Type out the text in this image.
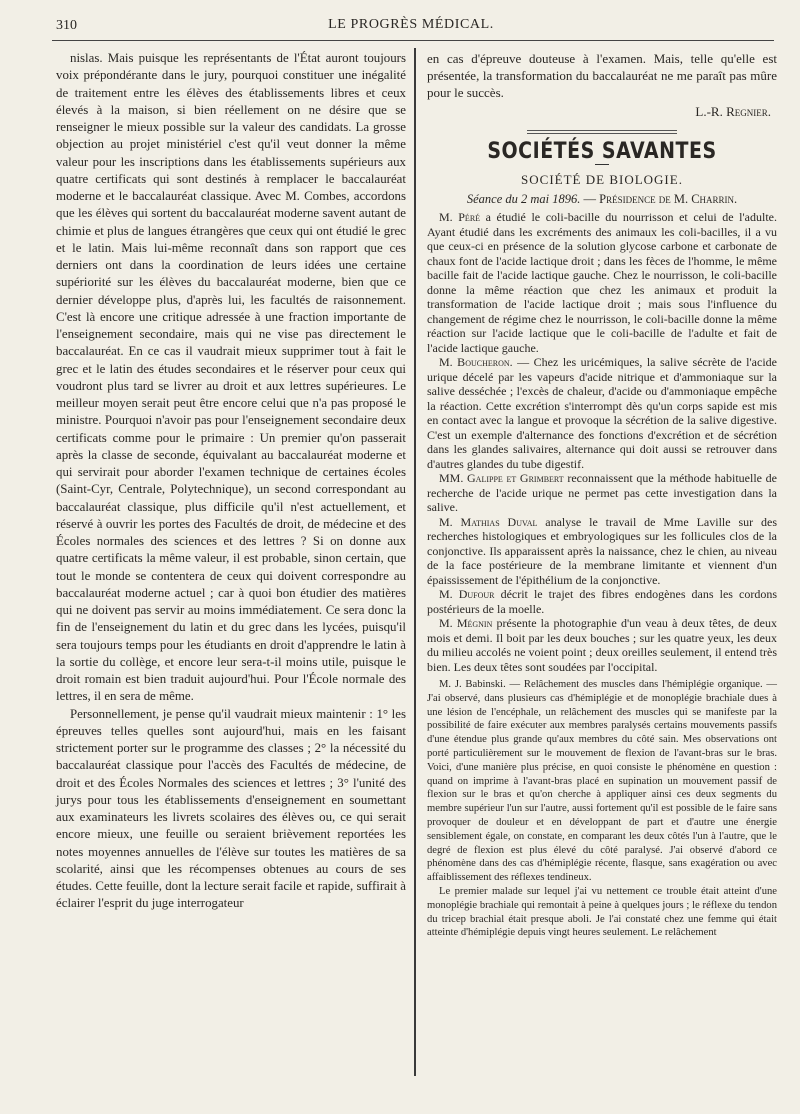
310	LE PROGRÈS MÉDICAL.

nislas. Mais puisque les représentants de l'État auront toujours voix prépondérante dans le jury, pourquoi constituer une inégalité de traitement entre les élèves des établissements libres et ceux élevés à la maison, si bien réellement on ne désire que se renseigner le mieux possible sur la valeur des candidats. La grosse objection au projet ministériel c'est qu'il veut donner la même valeur pour les inscriptions dans les établissements supérieurs aux quatre certificats qui sont destinés à remplacer le baccalauréat moderne et le baccalauréat classique. Avec M. Combes, accordons que les élèves qui sortent du baccalauréat moderne savent autant de chimie et plus de langues étrangères que ceux qui ont étudié le grec et le latin. Mais lui-même reconnaît dans son rapport que ces derniers ont dans la coordination de leurs idées une certaine supériorité sur les élèves du baccalauréat moderne, bien que ce dernier développe plus, d'après lui, les facultés de raisonnement. C'est là encore une critique adressée à une fraction importante de l'enseignement secondaire, mais qui ne vise pas directement le baccalauréat. En ce cas il vaudrait mieux supprimer tout à fait le grec et le latin des études secondaires et le réserver pour ceux qui voudront plus tard se livrer au droit et aux lettres supérieures. Le meilleur moyen serait peut être encore celui que n'a pas proposé le ministre. Pourquoi n'avoir pas pour l'enseignement secondaire deux certificats comme pour le primaire : Un premier qu'on passerait après la classe de seconde, équivalant au baccalauréat moderne et qui servirait pour aborder l'examen technique de certaines écoles (Saint-Cyr, Centrale, Polytechnique), un second correspondant au baccalauréat classique, plus difficile qu'il n'est actuellement, et réservé à ouvrir les portes des Facultés de droit, de médecine et des Écoles normales des sciences et des lettres ? Si on donne aux quatre certificats la même valeur, il est probable, sinon certain, que tout le monde se contentera de ceux qui doivent correspondre au baccalauréat moderne actuel ; car à quoi bon étudier des matières qui ne doivent pas servir au moins immédiatement. Ce sera donc la fin de l'enseignement du latin et du grec dans les lycées, puisqu'il sera toujours temps pour les étudiants en droit d'apprendre le latin à la sortie du collège, et encore leur sera-t-il moins utile, puisque le droit romain est bien traduit aujourd'hui. Pour l'École normale des lettres, il en sera de même.

Personnellement, je pense qu'il vaudrait mieux maintenir : 1° les épreuves telles quelles sont aujourd'hui, mais en les faisant strictement porter sur le programme des classes ; 2° la nécessité du baccalauréat classique pour l'accès des Facultés de médecine, de droit et des Écoles Normales des sciences et lettres ; 3° l'unité des jurys pour tous les établissements d'enseignement en soumettant aux examinateurs les livrets scolaires des élèves ou, ce qui serait encore mieux, une feuille ou seraient brièvement reportées les notes moyennes annuelles de l'élève sur toutes les matières de sa scolarité, ainsi que les récompenses obtenues au cours de ses études. Cette feuille, dont la lecture serait facile et rapide, suffirait à éclairer l'esprit du juge interrogateur

en cas d'épreuve douteuse à l'examen. Mais, telle qu'elle est présentée, la transformation du baccalauréat ne me paraît pas mûre pour le succès.
L.-R. Regnier.
SOCIÉTÉS SAVANTES
SOCIÉTÉ DE BIOLOGIE.
Séance du 2 mai 1896. — Présidence de M. Charrin.

M. Péré a étudié le coli-bacille du nourrisson et celui de l'adulte. Ayant étudié dans les excréments des animaux les coli-bacilles, il a vu que ceux-ci en présence de la solution glycose carbone et carbonate de chaux font de l'acide lactique droit ; dans les fèces de l'homme, le même bacille fait de l'acide lactique gauche. Chez le nourrisson, le coli-bacille donne la même réaction que chez les animaux et produit la transformation de l'acide lactique droit ; mais sous l'influence du changement de régime chez le nourrisson, le coli-bacille donne la même réaction sur l'acide lactique que le coli-bacille de l'adulte et fait de l'acide lactique gauche.

M. Boucheron. — Chez les uricémiques, la salive sécrète de l'acide urique décelé par les vapeurs d'acide nitrique et d'ammoniaque sur la salive desséchée ; l'excès de chaleur, d'acide ou d'ammoniaque empêche la réaction. Cette excrétion s'interrompt dès qu'un corps sapide est mis en contact avec la langue et provoque la sécrétion de la salive digestive. C'est un exemple d'alternance des fonctions d'excrétion et de sécrétion dans les glandes salivaires, alternance qui doit aussi se retrouver dans d'autres glandes du tube digestif.

MM. Galippe et Grimbert reconnaissent que la méthode habituelle de recherche de l'acide urique ne permet pas cette investigation dans la salive.

M. Mathias Duval analyse le travail de Mme Laville sur des recherches histologiques et embryologiques sur les follicules clos de la conjonctive. Ils apparaissent après la naissance, chez le chien, au niveau de la face postérieure de la membrane limitante et viennent d'un épaississement de l'épithélium de la conjonctive.

M. Dufour décrit le trajet des fibres endogènes dans les cordons postérieurs de la moelle.

M. Mégnin présente la photographie d'un veau à deux têtes, de deux mois et demi. Il boit par les deux bouches ; sur les quatre yeux, les deux du milieu accolés ne voient point ; deux oreilles seulement, il entend très bien. Les deux têtes sont soudées par l'occipital.

M. J. Babinski. — Relâchement des muscles dans l'hémiplégie organique. — J'ai observé, dans plusieurs cas d'hémiplégie et de monoplégie brachiale dues à une lésion de l'encéphale, un relâchement des muscles qui se manifeste par la possibilité de faire exécuter aux membres paralysés certains mouvements passifs d'une étendue plus grande qu'aux membres du côté sain. Mes observations ont porté particulièrement sur le mouvement de flexion de l'avant-bras sur le bras. Voici, d'une manière plus précise, en quoi consiste le phénomène en question : quand on imprime à l'avant-bras placé en supination un mouvement passif de flexion sur le bras et qu'on cherche à appliquer ainsi ces deux segments du membre supérieur l'un sur l'autre, aussi fortement qu'il est possible de le faire sans provoquer de douleur et en développant de part et d'autre une énergie sensiblement égale, on constate, en comparant les deux côtés l'un à l'autre, que le degré de flexion est plus élevé du côté paralysé. J'ai observé d'abord ce phénomène dans des cas d'hémiplégie récente, flasque, sans exagération ou avec affaiblissement des réflexes tendineux.

Le premier malade sur lequel j'ai vu nettement ce trouble était atteint d'une monoplégie brachiale qui remontait à peine à quelques jours ; le réflexe du tendon du tricep brachial était presque aboli. Je l'ai constaté chez une femme qui était atteinte d'hémiplégie depuis vingt heures seulement. Le relâchement
